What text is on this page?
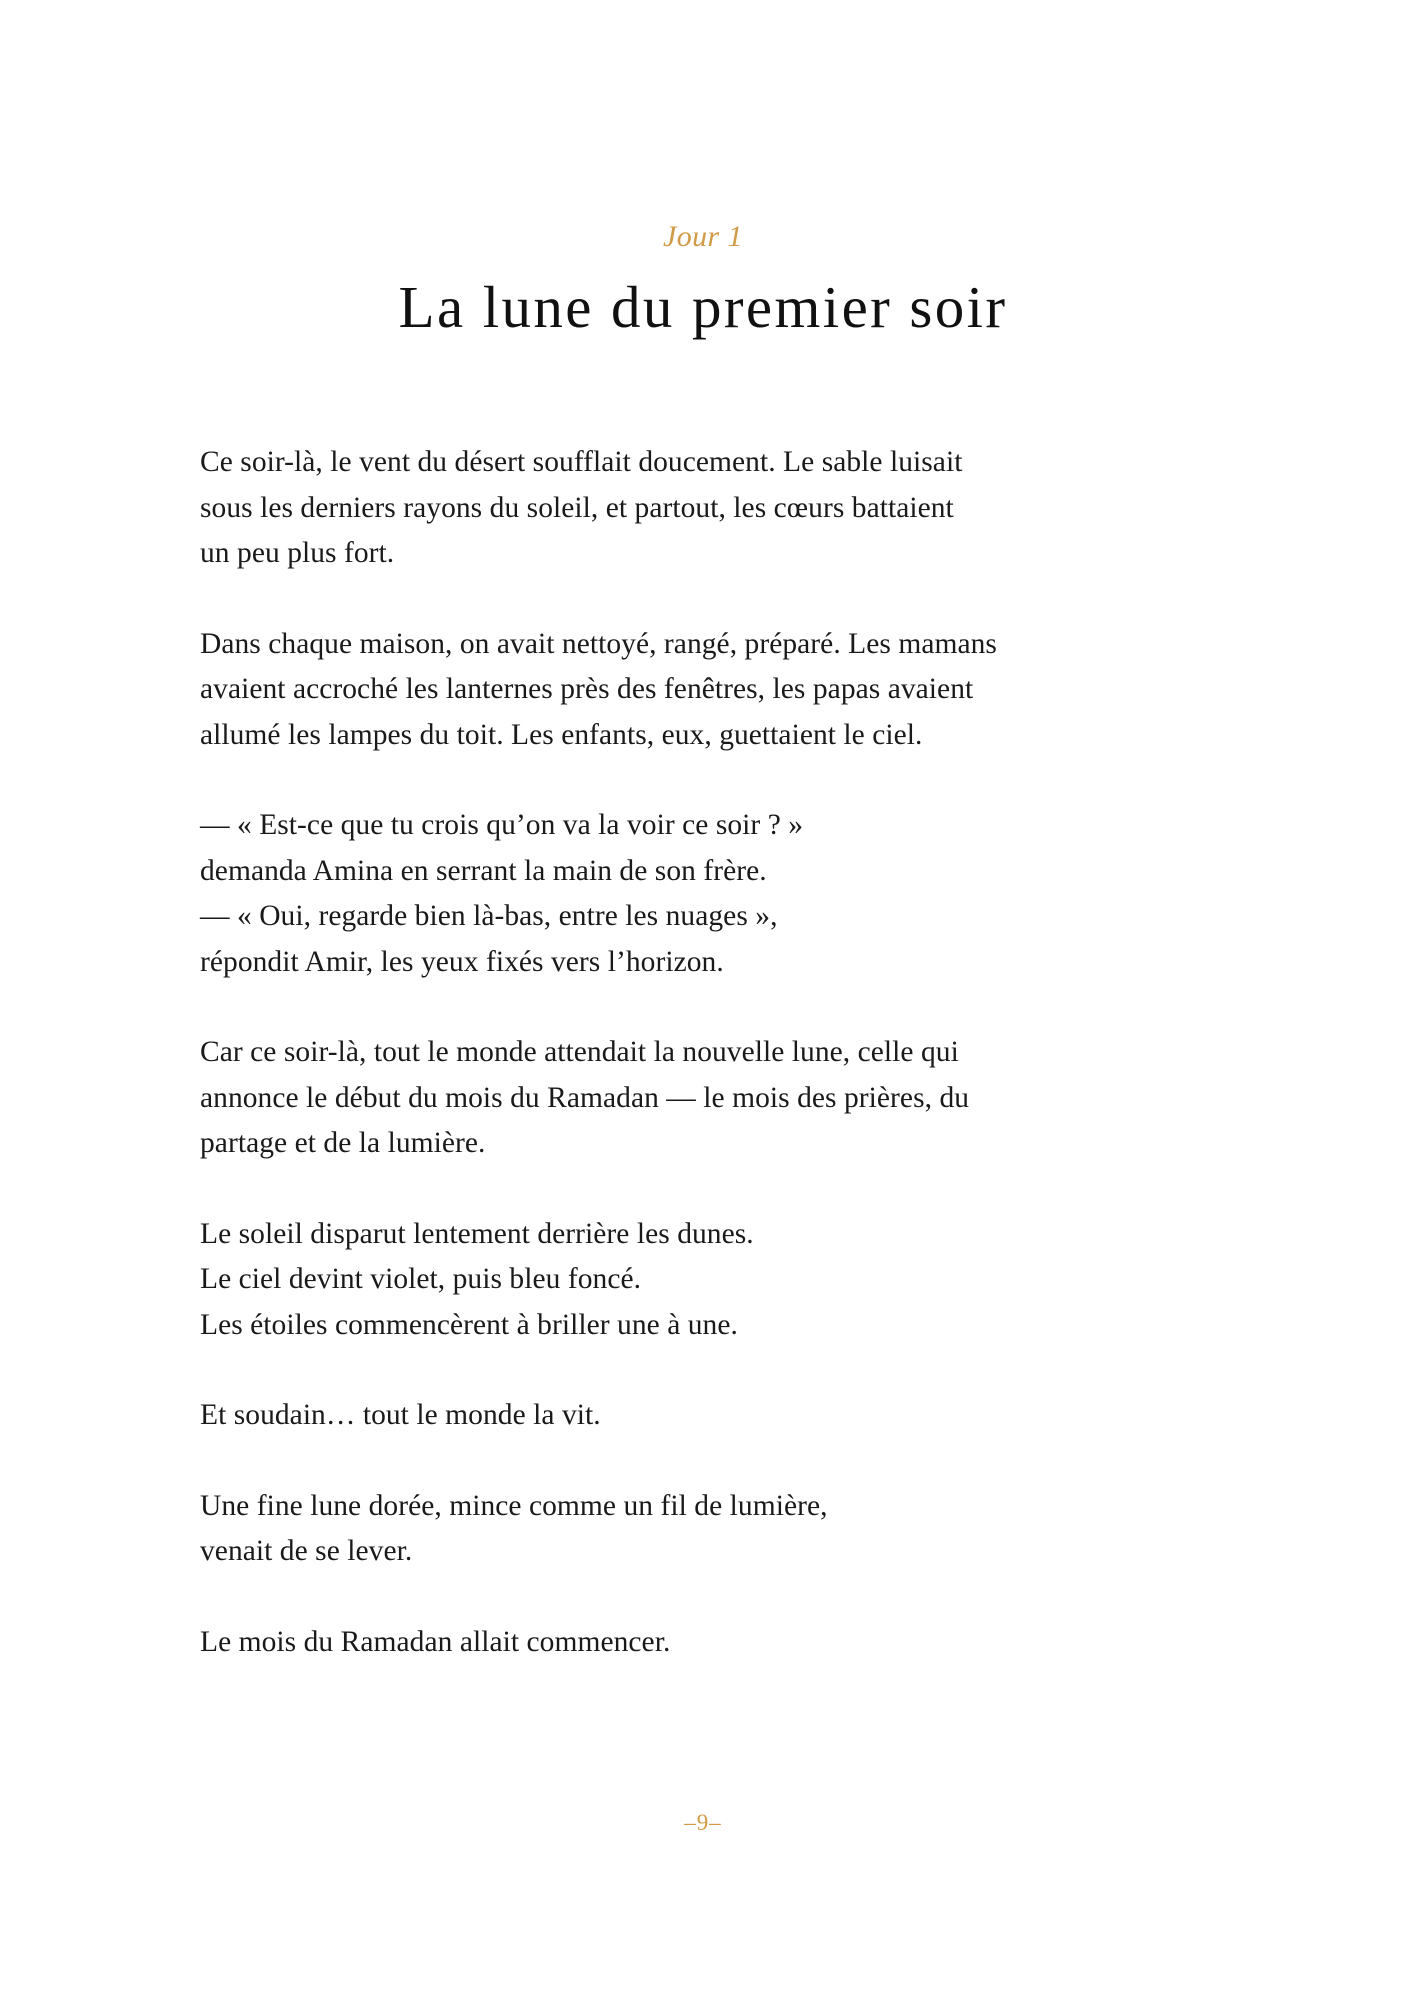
Jour 1
La lune du premier soir

Ce soir-là, le vent du désert soufflait doucement. Le sable luisait
sous les derniers rayons du soleil, et partout, les cœurs battaient
un peu plus fort.

Dans chaque maison, on avait nettoyé, rangé, préparé. Les mamans
avaient accroché les lanternes près des fenêtres, les papas avaient
allumé les lampes du toit. Les enfants, eux, guettaient le ciel.

— « Est-ce que tu crois qu’on va la voir ce soir ? »
demanda Amina en serrant la main de son frère.
— « Oui, regarde bien là-bas, entre les nuages »,
répondit Amir, les yeux fixés vers l’horizon.

Car ce soir-là, tout le monde attendait la nouvelle lune, celle qui
annonce le début du mois du Ramadan — le mois des prières, du
partage et de la lumière.

Le soleil disparut lentement derrière les dunes.
Le ciel devint violet, puis bleu foncé.
Les étoiles commencèrent à briller une à une.

Et soudain… tout le monde la vit.

Une fine lune dorée, mince comme un fil de lumière,
venait de se lever.

Le mois du Ramadan allait commencer.

–9–
